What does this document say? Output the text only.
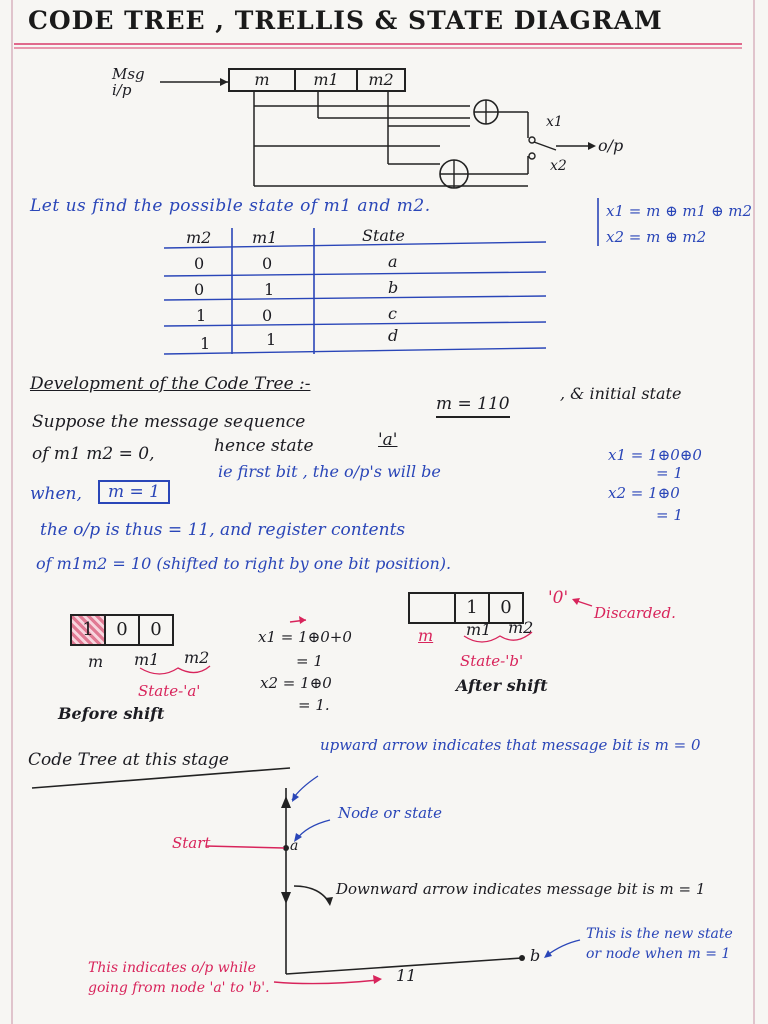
CODE TREE , TRELLIS & STATE DIAGRAM
Msg i/p
m	m1	m2
x1
x2
o/p
Let us find the possible state of m1 and m2.	x1 = m ⊕ m1 ⊕ m2
x2 = m ⊕ m2
m2	m1	State
0	0	a
0	1	b
1	0	c
1	1	d
Development of the Code Tree :-
Suppose the message sequence
m = 110
, & initial state
of m1 m2 = 0,	hence state	'a'
when,	m = 1
ie first bit , the o/p's will be
x1 = 1⊕0⊕0
= 1
x2 = 1⊕0
= 1
the o/p is thus = 11, and register contents
of m1m2 = 10 (shifted to right by one bit position).
1	0	0
m m1 m2
State-'a'
Before shift
x1 = 1⊕0+0
= 1
x2 = 1⊕0
= 1.
1	0	'0'
Discarded.
m m1 m2
State-'b'
After shift
Code Tree at this stage
upward arrow indicates that message bit is m = 0
Node or state
Start	a
Downward arrow indicates message bit is m = 1
b
11
This is the new state or node when m = 1
This indicates o/p while going from node 'a' to 'b'.
